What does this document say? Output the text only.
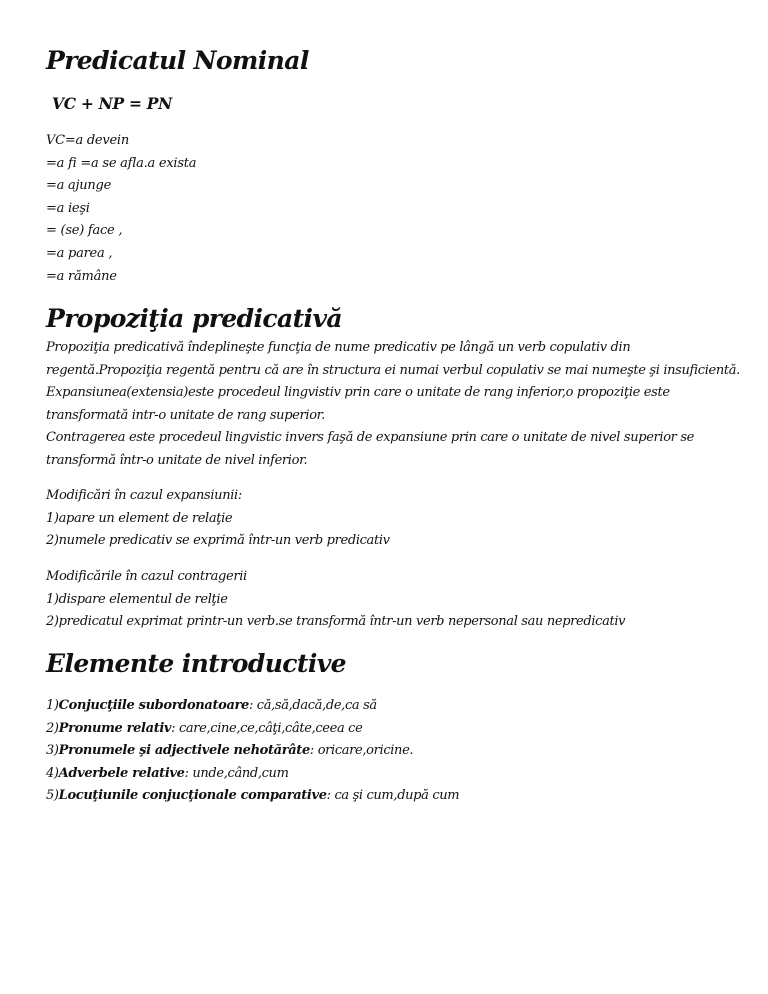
Predicatul Nominal
VC + NP = PN
VC=a devein
=a fi =a se afla.a exista
=a ajunge
=a ieşi
= (se) face ,
=a parea ,
=a rămâne
Propoziţia predicativă
Propoziţia predicativă îndeplineşte funcţia de nume predicativ pe lângă un verb copulativ din
regentă.Propoziţia regentă pentru că are în structura ei numai verbul copulativ se mai numeşte şi insuficientă.
Expansiunea(extensia)este procedeul lingvistiv prin care o unitate de rang inferior,o propoziţie este
transformată intr-o unitate de rang superior.
Contragerea este procedeul lingvistic invers faşă de expansiune prin care o unitate de nivel superior se
transformă într-o unitate de nivel inferior.
Modificări în cazul expansiunii:
1)apare un element de relaţie
2)numele predicativ se exprimă într-un verb predicativ
Modificările în cazul contragerii
1)dispare elementul de relţie
2)predicatul exprimat printr-un verb.se transformă într-un verb nepersonal sau nepredicativ
Elemente introductive
1)Conjucţiile subordonatoare: că,să,dacă,de,ca să
2)Pronume relativ: care,cine,ce,câţi,câte,ceea ce
3)Pronumele şi adjectivele nehotărâte: oricare,oricine.
4)Adverbele relative: unde,când,cum
5)Locuţiunile conjucţionale comparative: ca şi cum,după cum
